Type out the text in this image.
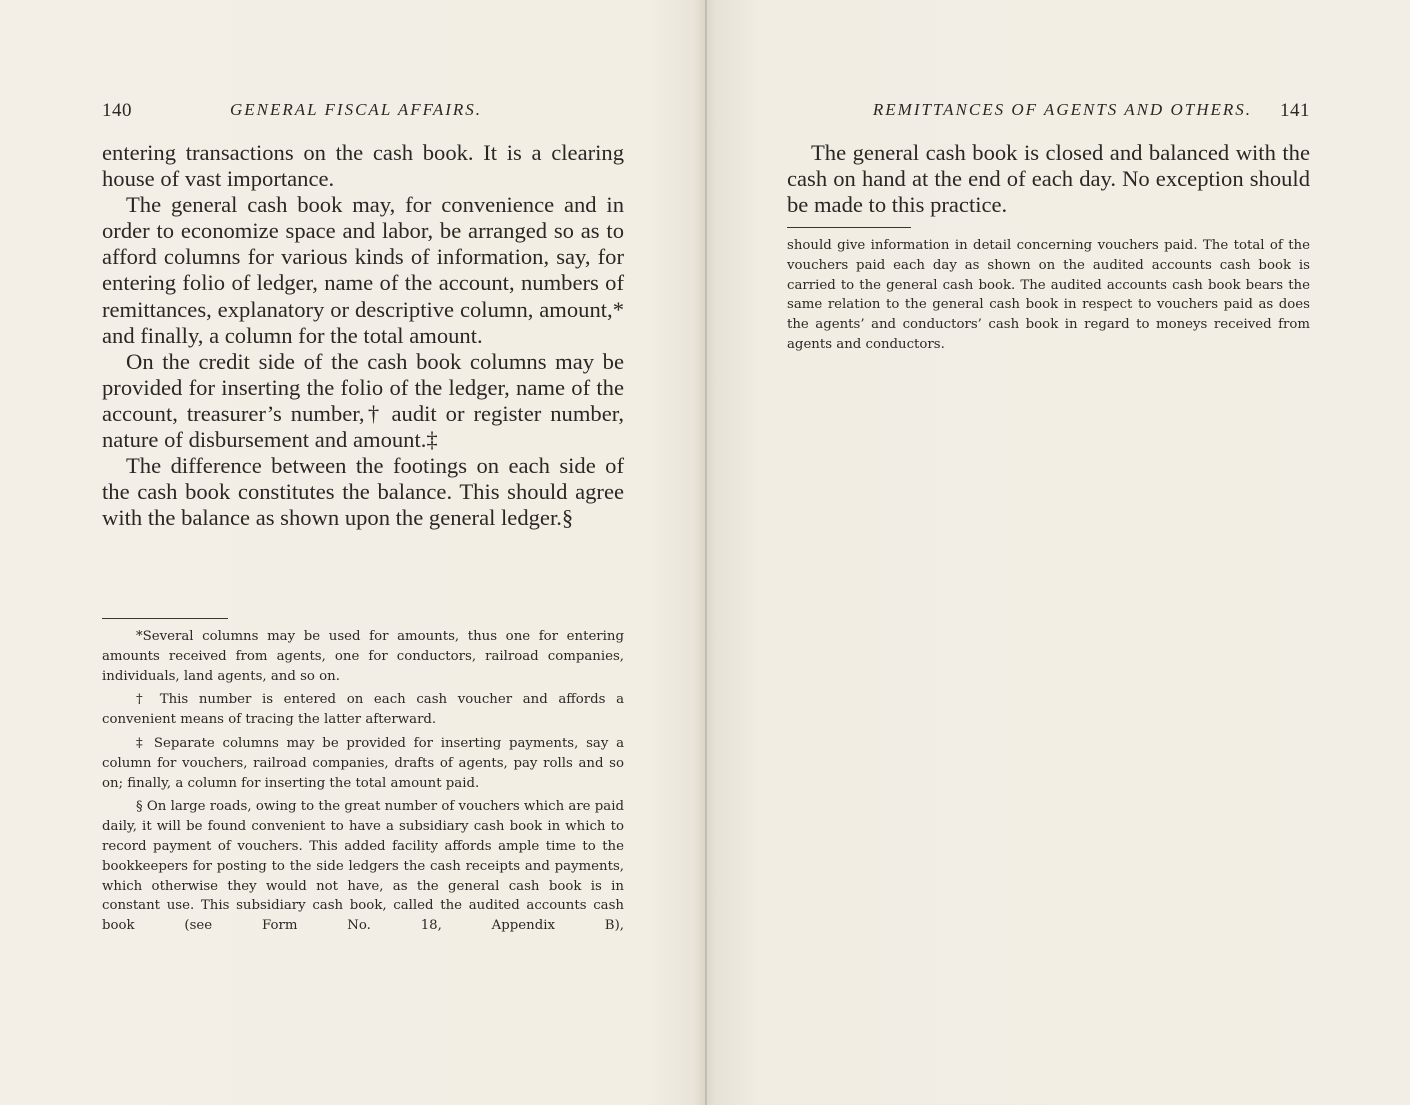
140	GENERAL FISCAL AFFAIRS.

entering transactions on the cash book. It is a clearing house of vast importance.

The general cash book may, for convenience and in order to economize space and labor, be arranged so as to afford columns for various kinds of information, say, for entering folio of ledger, name of the account, numbers of remittances, explanatory or descriptive column, amount,* and finally, a column for the total amount.

On the credit side of the cash book columns may be provided for inserting the folio of the ledger, name of the account, treasurer’s number,† audit or register number, nature of disbursement and amount.‡

The difference between the footings on each side of the cash book constitutes the balance. This should agree with the balance as shown upon the general ledger.§

*Several columns may be used for amounts, thus one for entering amounts received from agents, one for conductors, railroad companies, individuals, land agents, and so on.

† This number is entered on each cash voucher and affords a convenient means of tracing the latter afterward.

‡ Separate columns may be provided for inserting payments, say a column for vouchers, railroad companies, drafts of agents, pay rolls and so on; finally, a column for inserting the total amount paid.

§ On large roads, owing to the great number of vouchers which are paid daily, it will be found convenient to have a subsidiary cash book in which to record payment of vouchers. This added facility affords ample time to the bookkeepers for posting to the side ledgers the cash receipts and payments, which otherwise they would not have, as the general cash book is in constant use. This subsidiary cash book, called the audited accounts cash book (see Form No. 18, Appendix B),

REMITTANCES OF AGENTS AND OTHERS. 141

The general cash book is closed and balanced with the cash on hand at the end of each day. No exception should be made to this practice.

should give information in detail concerning vouchers paid. The total of the vouchers paid each day as shown on the audited accounts cash book is carried to the general cash book. The audited accounts cash book bears the same relation to the general cash book in respect to vouchers paid as does the agents’ and conductors’ cash book in regard to moneys received from agents and conductors.
